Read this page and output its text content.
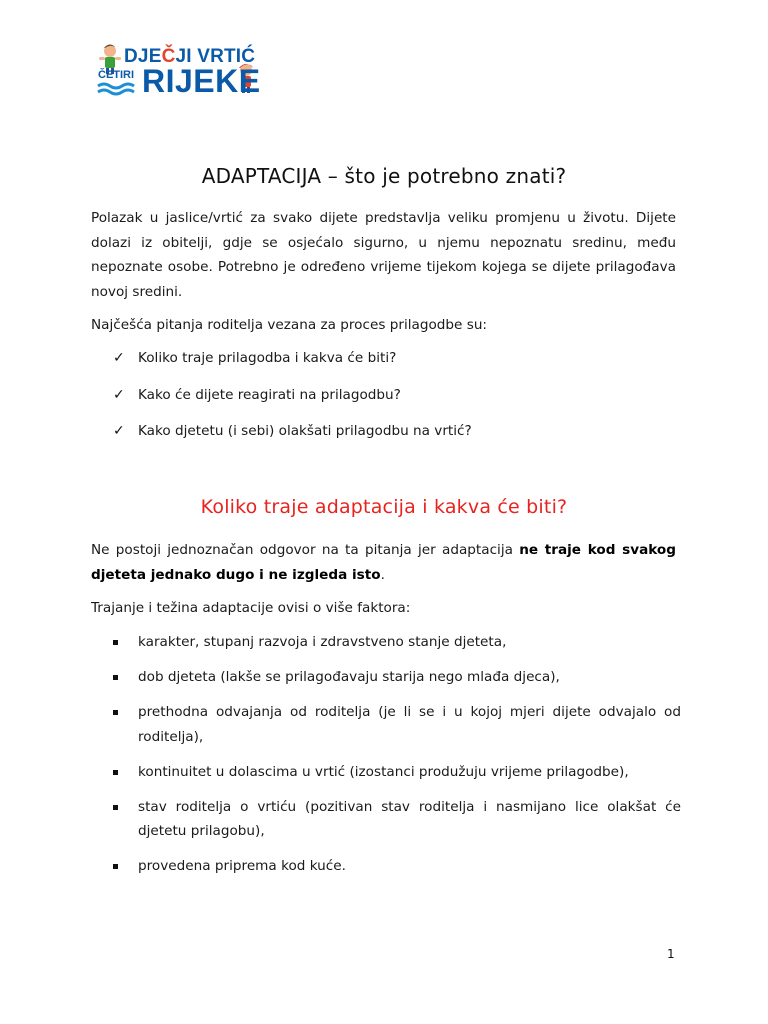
DJEČJI VRTIĆ
ČETIRI RIJEKE
ADAPTACIJA – što je potrebno znati?
Polazak u jaslice/vrtić za svako dijete predstavlja veliku promjenu u životu. Dijete dolazi iz obitelji, gdje se osjećalo sigurno, u njemu nepoznatu sredinu, među nepoznate osobe. Potrebno je određeno vrijeme tijekom kojega se dijete prilagođava novoj sredini.
Najčešća pitanja roditelja vezana za proces prilagodbe su:
✓ Koliko traje prilagodba i kakva će biti?
✓ Kako će dijete reagirati na prilagodbu?
✓ Kako djetetu (i sebi) olakšati prilagodbu na vrtić?
Koliko traje adaptacija i kakva će biti?
Ne postoji jednoznačan odgovor na ta pitanja jer adaptacija ne traje kod svakog djeteta jednako dugo i ne izgleda isto.
Trajanje i težina adaptacije ovisi o više faktora:
karakter, stupanj razvoja i zdravstveno stanje djeteta,
dob djeteta (lakše se prilagođavaju starija nego mlađa djeca),
prethodna odvajanja od roditelja (je li se i u kojoj mjeri dijete odvajalo od roditelja),
kontinuitet u dolascima u vrtić (izostanci produžuju vrijeme prilagodbe),
stav roditelja o vrtiću (pozitivan stav roditelja i nasmijano lice olakšat će djetetu prilagobu),
provedena priprema kod kuće.
1
